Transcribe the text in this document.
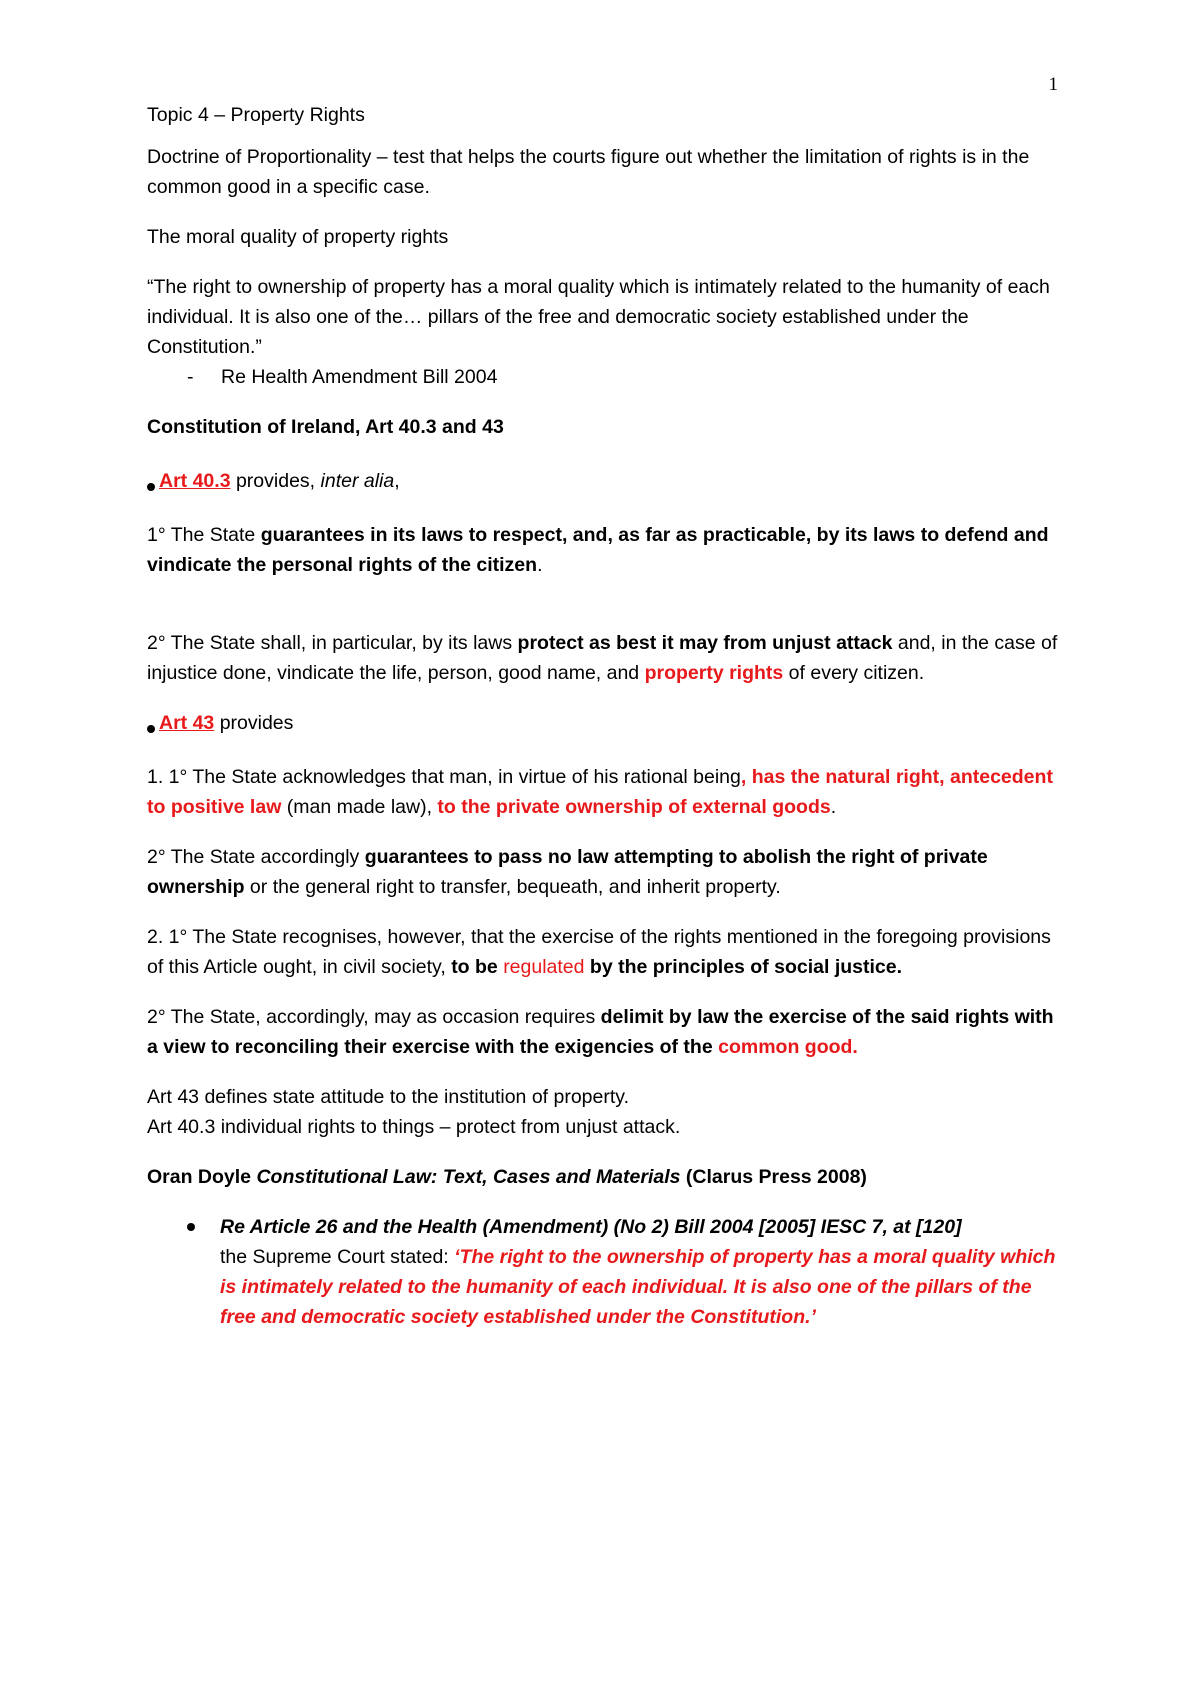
1

Topic 4 – Property Rights

Doctrine of Proportionality – test that helps the courts figure out whether the limitation of rights is in the common good in a specific case.

The moral quality of property rights

“The right to ownership of property has a moral quality which is intimately related to the humanity of each individual. It is also one of the… pillars of the free and democratic society established under the Constitution.”

- Re Health Amendment Bill 2004

Constitution of Ireland, Art 40.3 and 43

Art 40.3 provides, inter alia,

1° The State guarantees in its laws to respect, and, as far as practicable, by its laws to defend and vindicate the personal rights of the citizen.

2° The State shall, in particular, by its laws protect as best it may from unjust attack and, in the case of injustice done, vindicate the life, person, good name, and property rights of every citizen.

Art 43 provides

1. 1° The State acknowledges that man, in virtue of his rational being, has the natural right, antecedent to positive law (man made law), to the private ownership of external goods.

2° The State accordingly guarantees to pass no law attempting to abolish the right of private ownership or the general right to transfer, bequeath, and inherit property.

2. 1° The State recognises, however, that the exercise of the rights mentioned in the foregoing provisions of this Article ought, in civil society, to be regulated by the principles of social justice.

2° The State, accordingly, may as occasion requires delimit by law the exercise of the said rights with a view to reconciling their exercise with the exigencies of the common good.

Art 43 defines state attitude to the institution of property.

Art 40.3 individual rights to things – protect from unjust attack.

Oran Doyle Constitutional Law: Text, Cases and Materials (Clarus Press 2008)

Re Article 26 and the Health (Amendment) (No 2) Bill 2004 [2005] IESC 7, at [120]
the Supreme Court stated: ‘The right to the ownership of property has a moral quality which is intimately related to the humanity of each individual. It is also one of the pillars of the free and democratic society established under the Constitution.’
